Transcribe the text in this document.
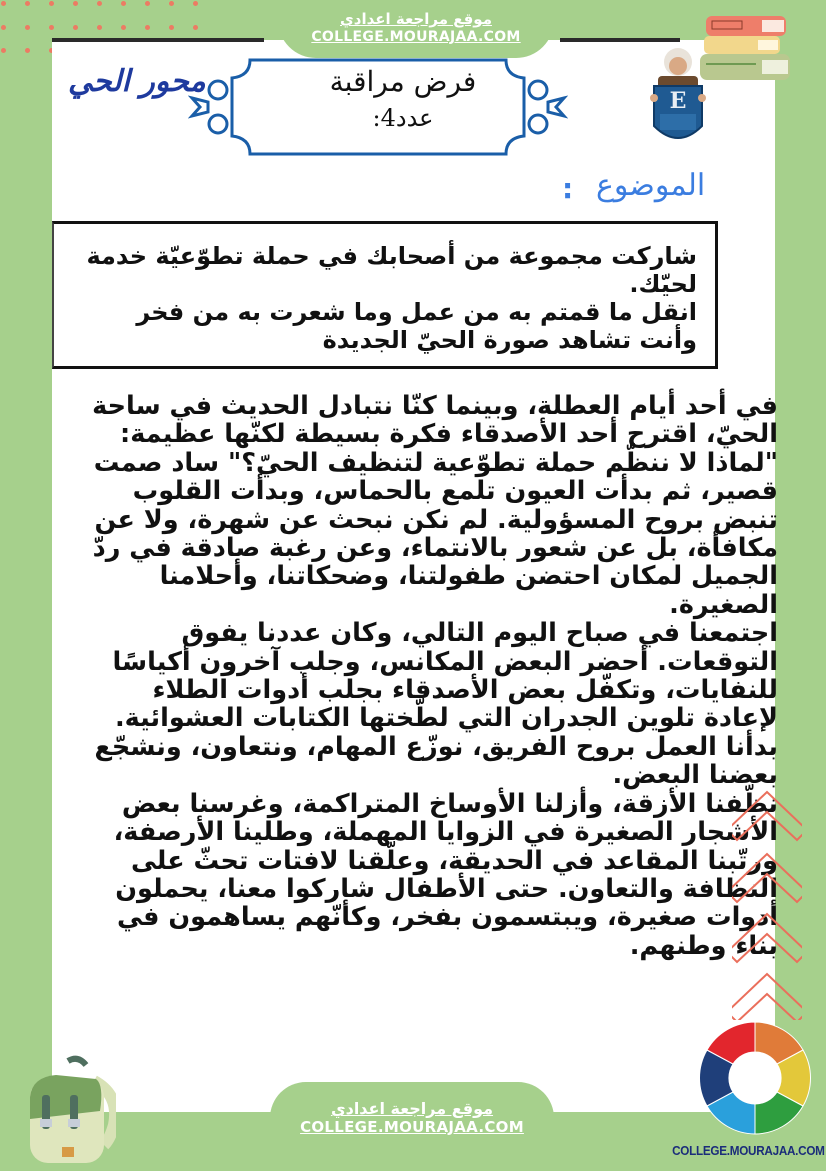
موقع مراجعة اعدادي
COLLEGE.MOURAJAA.COM
E
محور الحي	فرض مراقبة
عدد4:
الموضوع
:
شاركت مجموعة من أصحابك في حملة تطوّعيّة خدمة لحيّك.
انقل ما قمتم به من عمل وما شعرت به من فخر وأنت تشاهد صورة الحيّ الجديدة

في أحد أيام العطلة، وبينما كنّا نتبادل الحديث في ساحة الحيّ، اقترح أحد الأصدقاء فكرة بسيطة لكنّها عظيمة: "لماذا لا ننظّم حملة تطوّعية لتنظيف الحيّ؟" ساد صمت قصير، ثم بدأت العيون تلمع بالحماس، وبدأت القلوب تنبض بروح المسؤولية. لم نكن نبحث عن شهرة، ولا عن مكافأة، بل عن شعور بالانتماء، وعن رغبة صادقة في ردّ الجميل لمكان احتضن طفولتنا، وضحكاتنا، وأحلامنا الصغيرة.

اجتمعنا في صباح اليوم التالي، وكان عددنا يفوق التوقعات. أحضر البعض المكانس، وجلب آخرون أكياسًا للنفايات، وتكفّل بعض الأصدقاء بجلب أدوات الطلاء لإعادة تلوين الجدران التي لطّختها الكتابات العشوائية. بدأنا العمل بروح الفريق، نوزّع المهام، ونتعاون، ونشجّع بعضنا البعض.

نظّفنا الأزقة، وأزلنا الأوساخ المتراكمة، وغرسنا بعض الأشجار الصغيرة في الزوايا المهملة، وطلينا الأرصفة، ورتّبنا المقاعد في الحديقة، وعلّقنا لافتات تحثّ على النظافة والتعاون. حتى الأطفال شاركوا معنا، يحملون أدوات صغيرة، ويبتسمون بفخر، وكأنّهم يساهمون في بناء وطنهم.

موقع مراجعة اعدادي
COLLEGE.MOURAJAA.COM
COLLEGE.MOURAJAA.COM
